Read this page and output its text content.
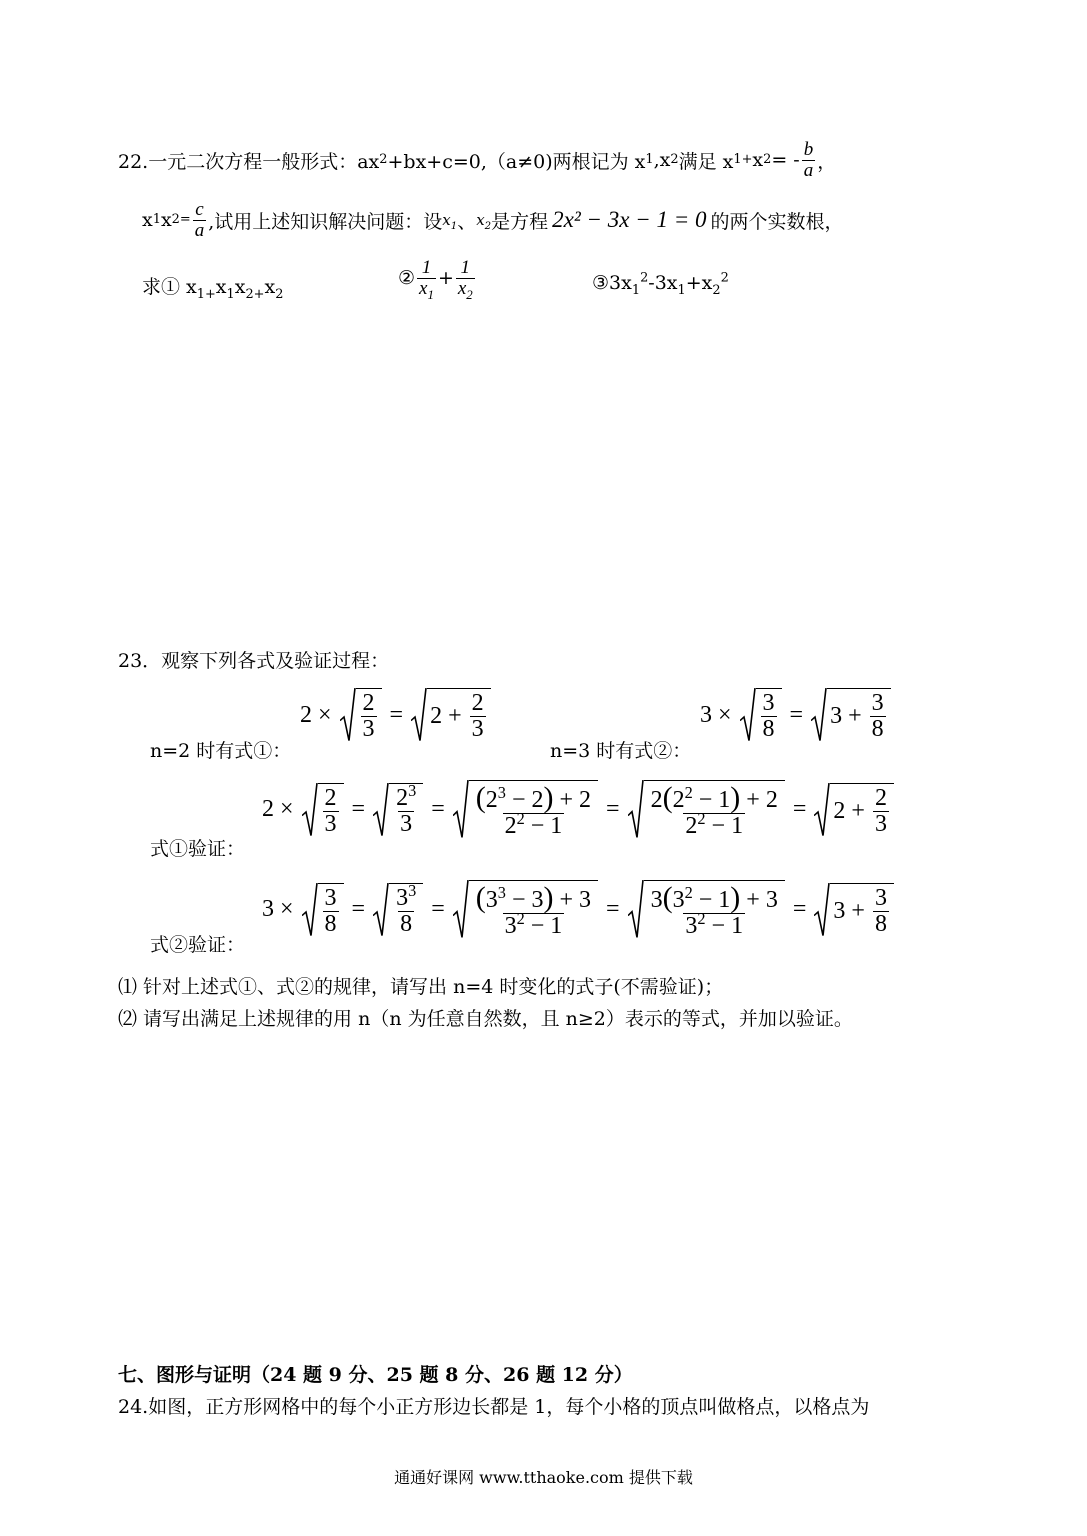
22.一元二次方程一般形式：ax 2 +bx+c=0,（a≠0)两根记为 x 1 ,x 2 满足 x 1+ x 2 = - $\frac{b}{a}$ ，
x 1 x $2= \frac{c}{a}$ ,试用上述知识解决问题：设 $x_1$ 、 $x_2$ 是方程 2x² − 3x − 1 = 0 的两个实数根，
求① $x_{1+}x_1x_{2+}x_2$
② $\frac{1}{x_1} + \frac{1}{x_2}$	$③3x_1^2-3x_1+x_2^2$
23．观察下列各式及验证过程：
$2 \times \frac{2}{3} = 2 + \frac{2}{3}$
n=2 时有式①：
$3 \times \frac{3}{8} = 3 + \frac{3}{8}$
n=3 时有式②：
$2 \times \frac{2}{3} = \frac{2^3}{3} = \frac{(2^3 - 2) + 2}{2^2 - 1} = \frac{2(2^2 - 1) + 2}{2^2 - 1} = 2 + \frac{2}{3}$
式①验证：
$3 \times \frac{3}{8} = \frac{3^3}{8} = \frac{(3^3 - 3) + 3}{3^2 - 1} = \frac{3(3^2 - 1) + 3}{3^2 - 1} = 3 + \frac{3}{8}$
式②验证：
⑴ 针对上述式①、式②的规律，请写出 n=4 时变化的式子(不需验证)；
⑵ 请写出满足上述规律的用 n（n 为任意自然数，且 n≥2）表示的等式，并加以验证。
七、图形与证明（24 题 9 分、25 题 8 分、26 题 12 分）
24.如图，正方形网格中的每个小正方形边长都是 1，每个小格的顶点叫做格点，以格点为
通通好课网 www.tthaoke.com 提供下载
